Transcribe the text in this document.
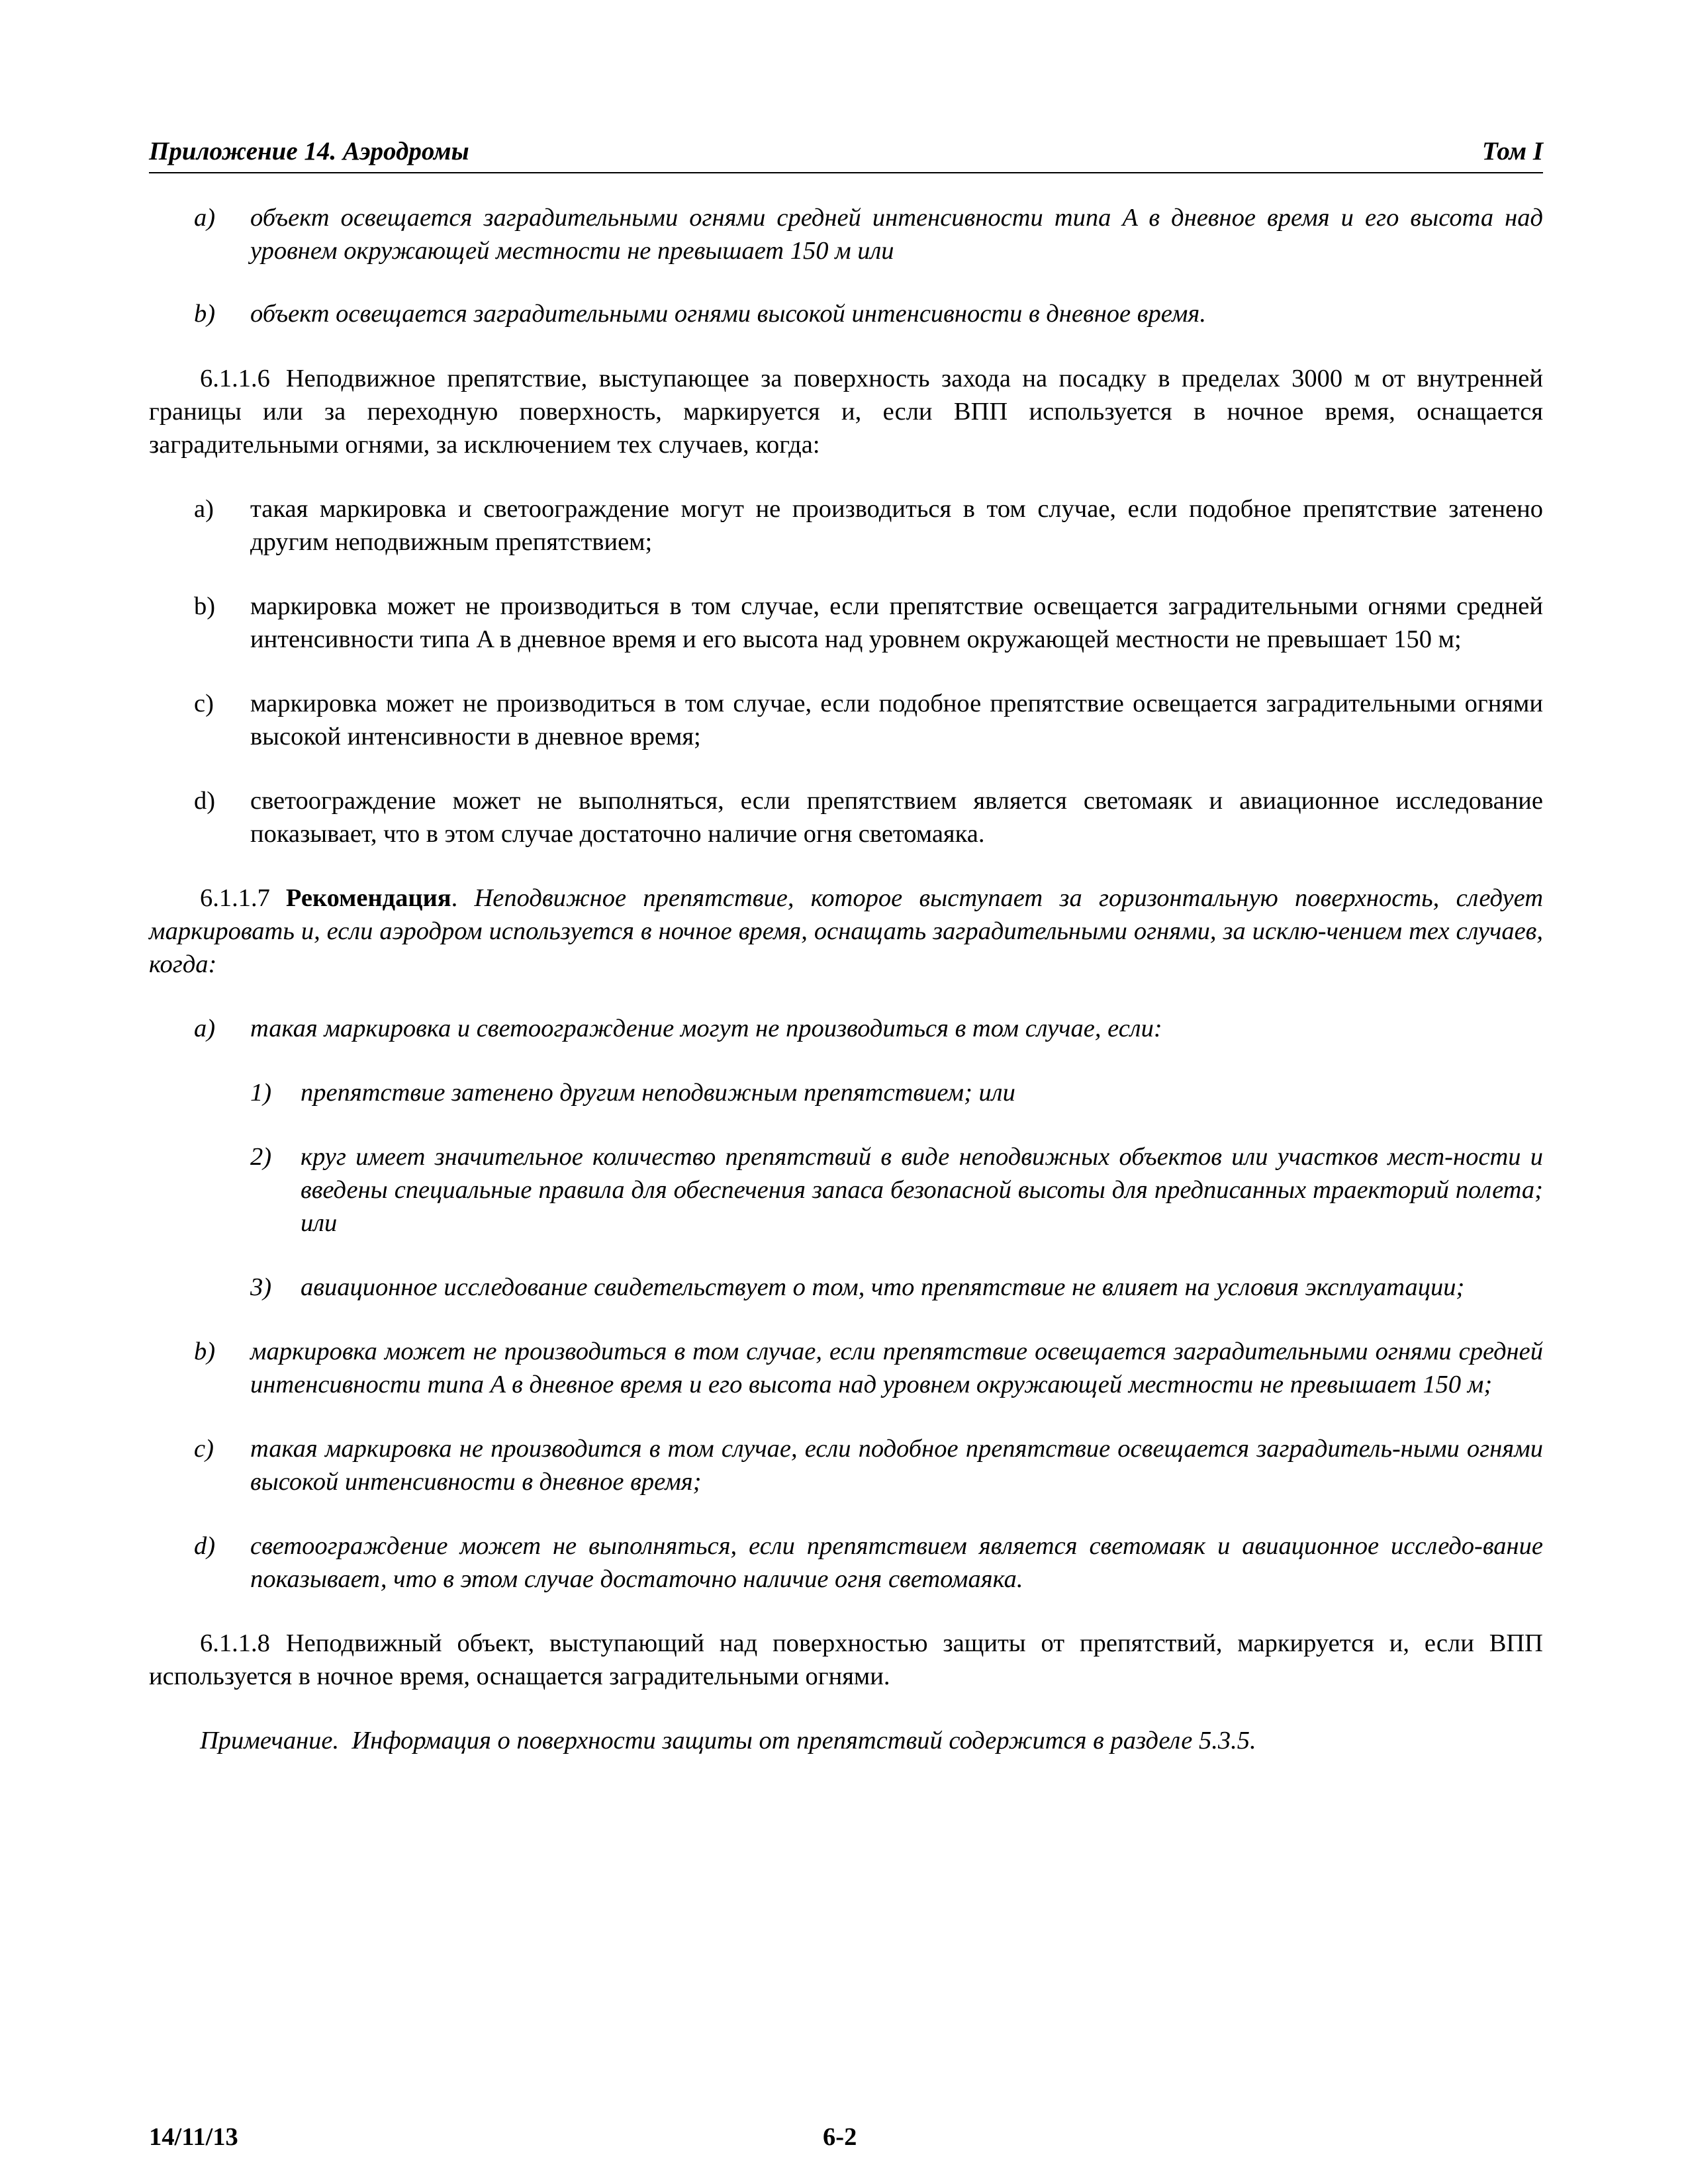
Приложение 14. Аэродромы	Том I
a) объект освещается заградительными огнями средней интенсивности типа A в дневное время и его высота над уровнем окружающей местности не превышает 150 м или
b) объект освещается заградительными огнями высокой интенсивности в дневное время.
6.1.1.6 Неподвижное препятствие, выступающее за поверхность захода на посадку в пределах 3000 м от внутренней границы или за переходную поверхность, маркируется и, если ВПП используется в ночное время, оснащается заградительными огнями, за исключением тех случаев, когда:
a) такая маркировка и светоограждение могут не производиться в том случае, если подобное препятствие затенено другим неподвижным препятствием;
b) маркировка может не производиться в том случае, если препятствие освещается заградительными огнями средней интенсивности типа A в дневное время и его высота над уровнем окружающей местности не превышает 150 м;
c) маркировка может не производиться в том случае, если подобное препятствие освещается заградительными огнями высокой интенсивности в дневное время;
d) светоограждение может не выполняться, если препятствием является светомаяк и авиационное исследование показывает, что в этом случае достаточно наличие огня светомаяка.
6.1.1.7 Рекомендация. Неподвижное препятствие, которое выступает за горизонтальную поверхность, следует маркировать и, если аэродром используется в ночное время, оснащать заградительными огнями, за исклю-чением тех случаев, когда:
a) такая маркировка и светоограждение могут не производиться в том случае, если:
1) препятствие затенено другим неподвижным препятствием; или
2) круг имеет значительное количество препятствий в виде неподвижных объектов или участков мест-ности и введены специальные правила для обеспечения запаса безопасной высоты для предписанных траекторий полета; или
3) авиационное исследование свидетельствует о том, что препятствие не влияет на условия эксплуатации;
b) маркировка может не производиться в том случае, если препятствие освещается заградительными огнями средней интенсивности типа A в дневное время и его высота над уровнем окружающей местности не превышает 150 м;
c) такая маркировка не производится в том случае, если подобное препятствие освещается заградитель-ными огнями высокой интенсивности в дневное время;
d) светоограждение может не выполняться, если препятствием является светомаяк и авиационное исследо-вание показывает, что в этом случае достаточно наличие огня светомаяка.
6.1.1.8 Неподвижный объект, выступающий над поверхностью защиты от препятствий, маркируется и, если ВПП используется в ночное время, оснащается заградительными огнями.
Примечание. Информация о поверхности защиты от препятствий содержится в разделе 5.3.5.
14/11/13	6-2
